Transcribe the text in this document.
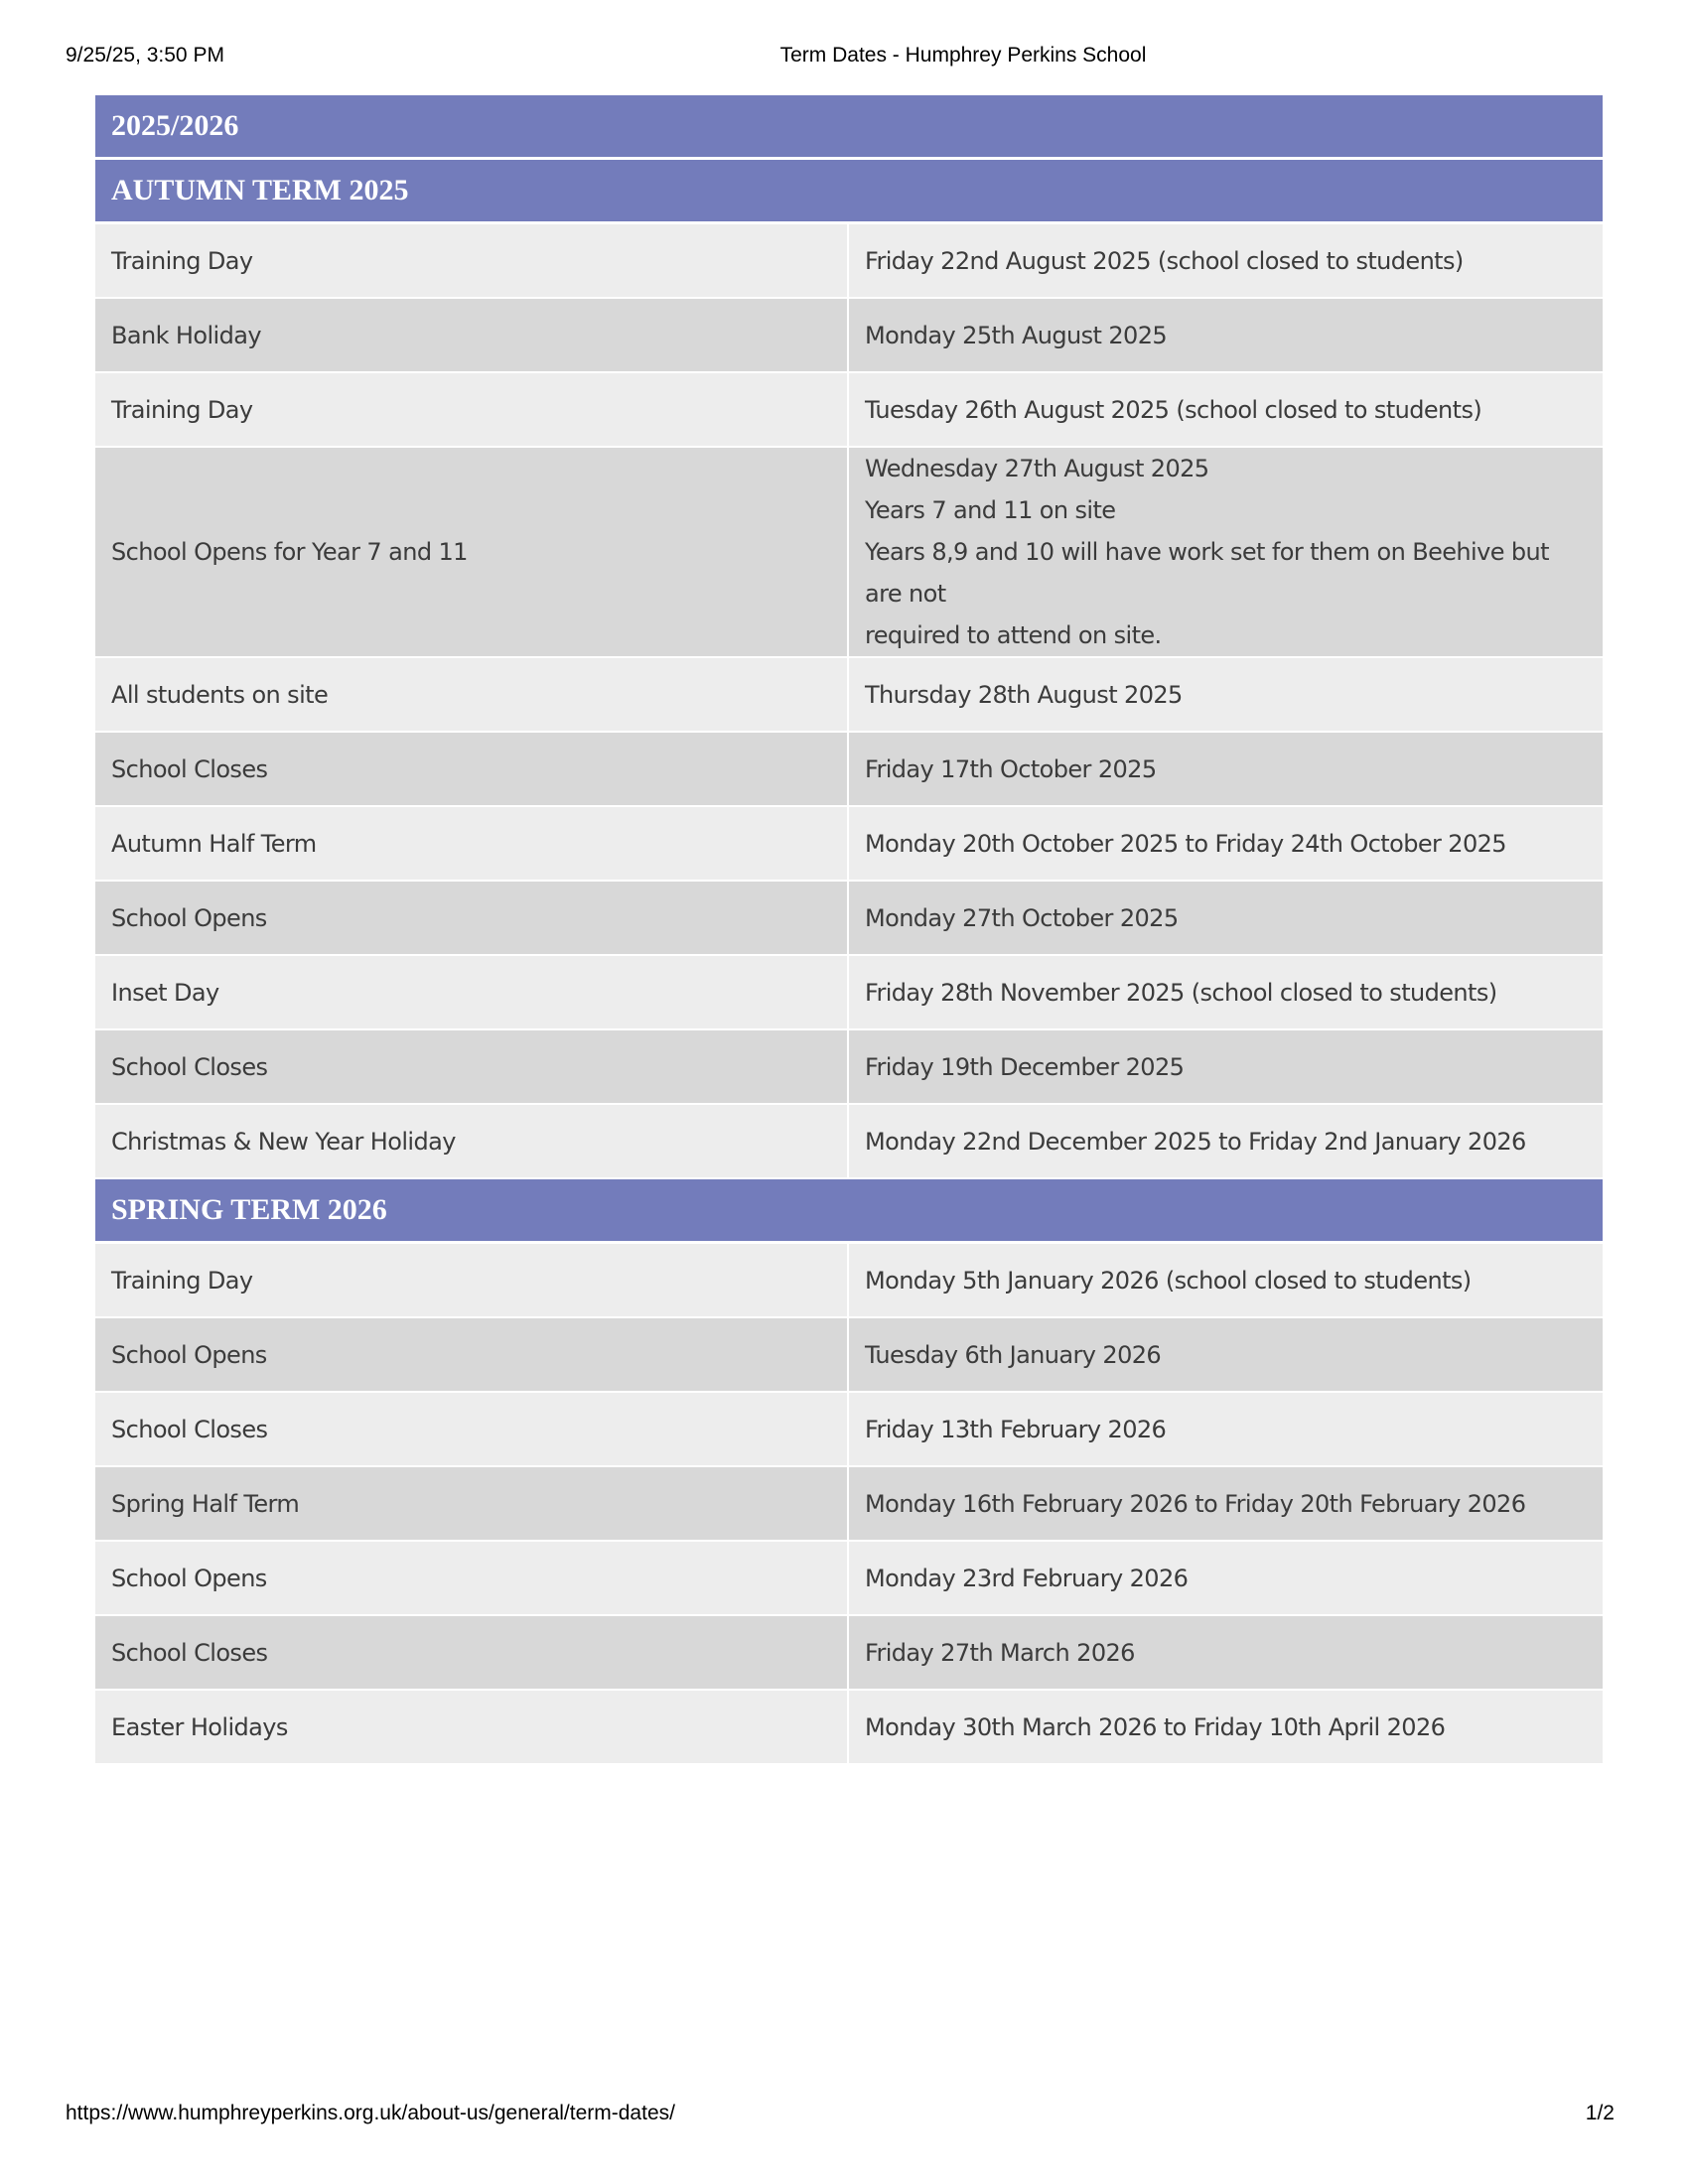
9/25/25, 3:50 PM	Term Dates - Humphrey Perkins School
2025/2026	
AUTUMN TERM 2025	
Training Day	Friday 22nd August 2025 (school closed to students)
Bank Holiday	Monday 25th August 2025
Training Day	Tuesday 26th August 2025 (school closed to students)
School Opens for Year 7 and 11	Wednesday 27th August 2025
Years 7 and 11 on site
Years 8,9 and 10 will have work set for them on Beehive but are not
required to attend on site.

All students on site	Thursday 28th August 2025
School Closes	Friday 17th October 2025
Autumn Half Term	Monday 20th October 2025 to Friday 24th October 2025
School Opens	Monday 27th October 2025
Inset Day	Friday 28th November 2025 (school closed to students)
School Closes	Friday 19th December 2025
Christmas & New Year Holiday	Monday 22nd December 2025 to Friday 2nd January 2026
SPRING TERM 2026	
Training Day	Monday 5th January 2026 (school closed to students)
School Opens	Tuesday 6th January 2026
School Closes	Friday 13th February 2026
Spring Half Term	Monday 16th February 2026 to Friday 20th February 2026
School Opens	Monday 23rd February 2026
School Closes	Friday 27th March 2026
Easter Holidays	Monday 30th March 2026 to Friday 10th April 2026
https://www.humphreyperkins.org.uk/about-us/general/term-dates/	1/2
